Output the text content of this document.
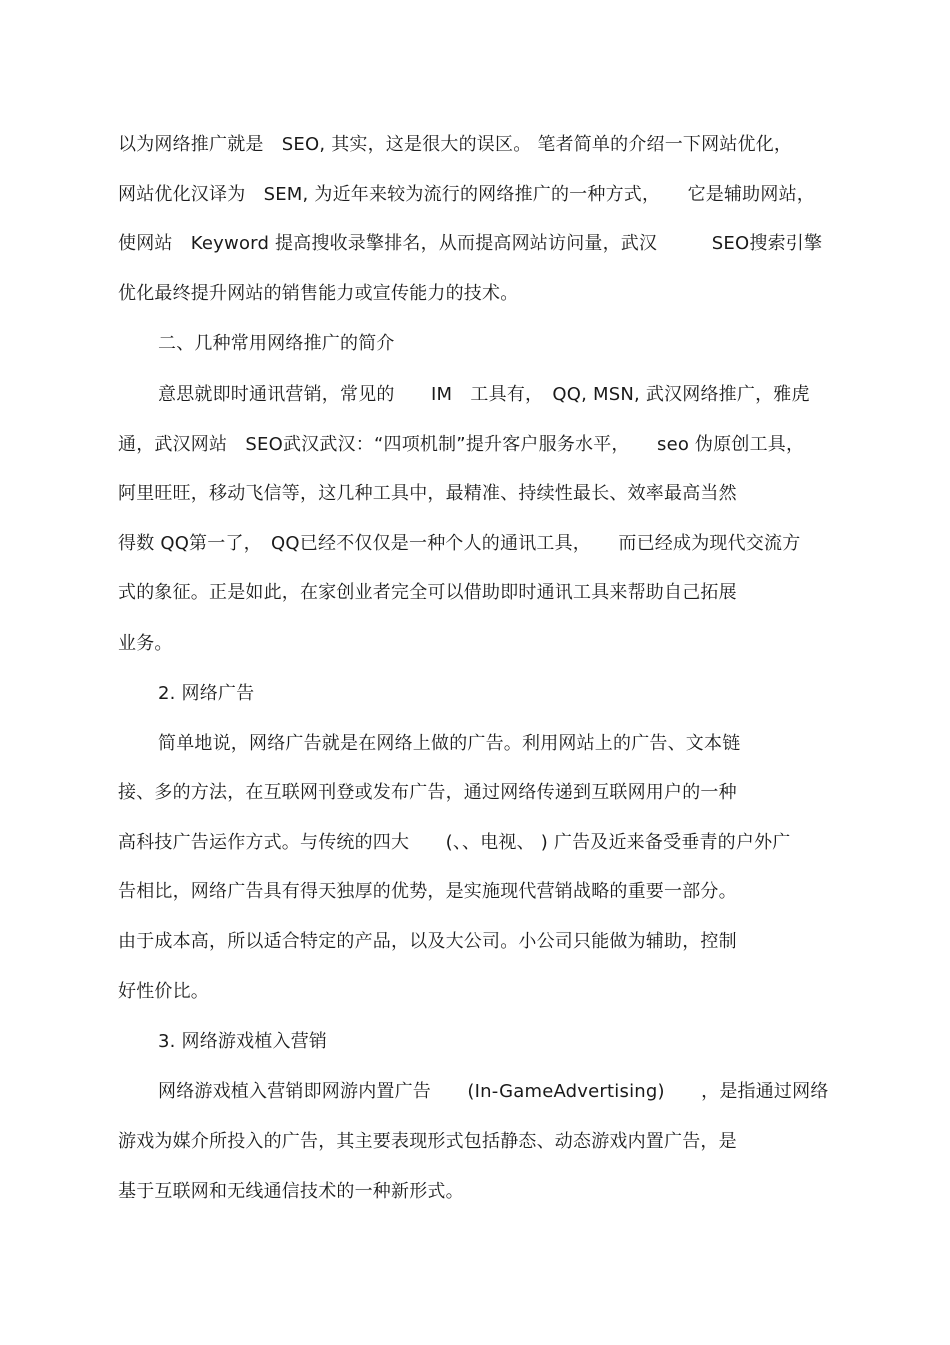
以为网络推广就是　SEO, 其实，这是很大的误区。 笔者简单的介绍一下网站优化，
网站优化汉译为　SEM, 为近年来较为流行的网络推广的一种方式，　　它是辅助网站，
使网站　Keyword 提高搜收录擎排名，从而提高网站访问量，武汉　　　SEO搜索引擎
优化最终提升网站的销售能力或宣传能力的技术。
二、几种常用网络推广的简介
意思就即时通讯营销，常见的　　IM　工具有，　QQ, MSN, 武汉网络推广，雅虎
通，武汉网站　SEO武汉武汉：“四项机制”提升客户服务水平，　　seo 伪原创工具，
阿里旺旺，移动飞信等，这几种工具中，最精准、持续性最长、效率最高当然
得数 QQ第一了，　QQ已经不仅仅是一种个人的通讯工具，　　而已经成为现代交流方
式的象征。正是如此，在家创业者完全可以借助即时通讯工具来帮助自己拓展
业务。
2. 网络广告
简单地说，网络广告就是在网络上做的广告。利用网站上的广告、文本链
接、多的方法，在互联网刊登或发布广告，通过网络传递到互联网用户的一种
高科技广告运作方式。与传统的四大　　(、、电视、 ) 广告及近来备受垂青的户外广
告相比，网络广告具有得天独厚的优势，是实施现代营销战略的重要一部分。
由于成本高，所以适合特定的产品，以及大公司。小公司只能做为辅助，控制
好性价比。
3. 网络游戏植入营销
网络游戏植入营销即网游内置广告　　(In-GameAdvertising)　　，是指通过网络
游戏为媒介所投入的广告，其主要表现形式包括静态、动态游戏内置广告，是
基于互联网和无线通信技术的一种新形式。
